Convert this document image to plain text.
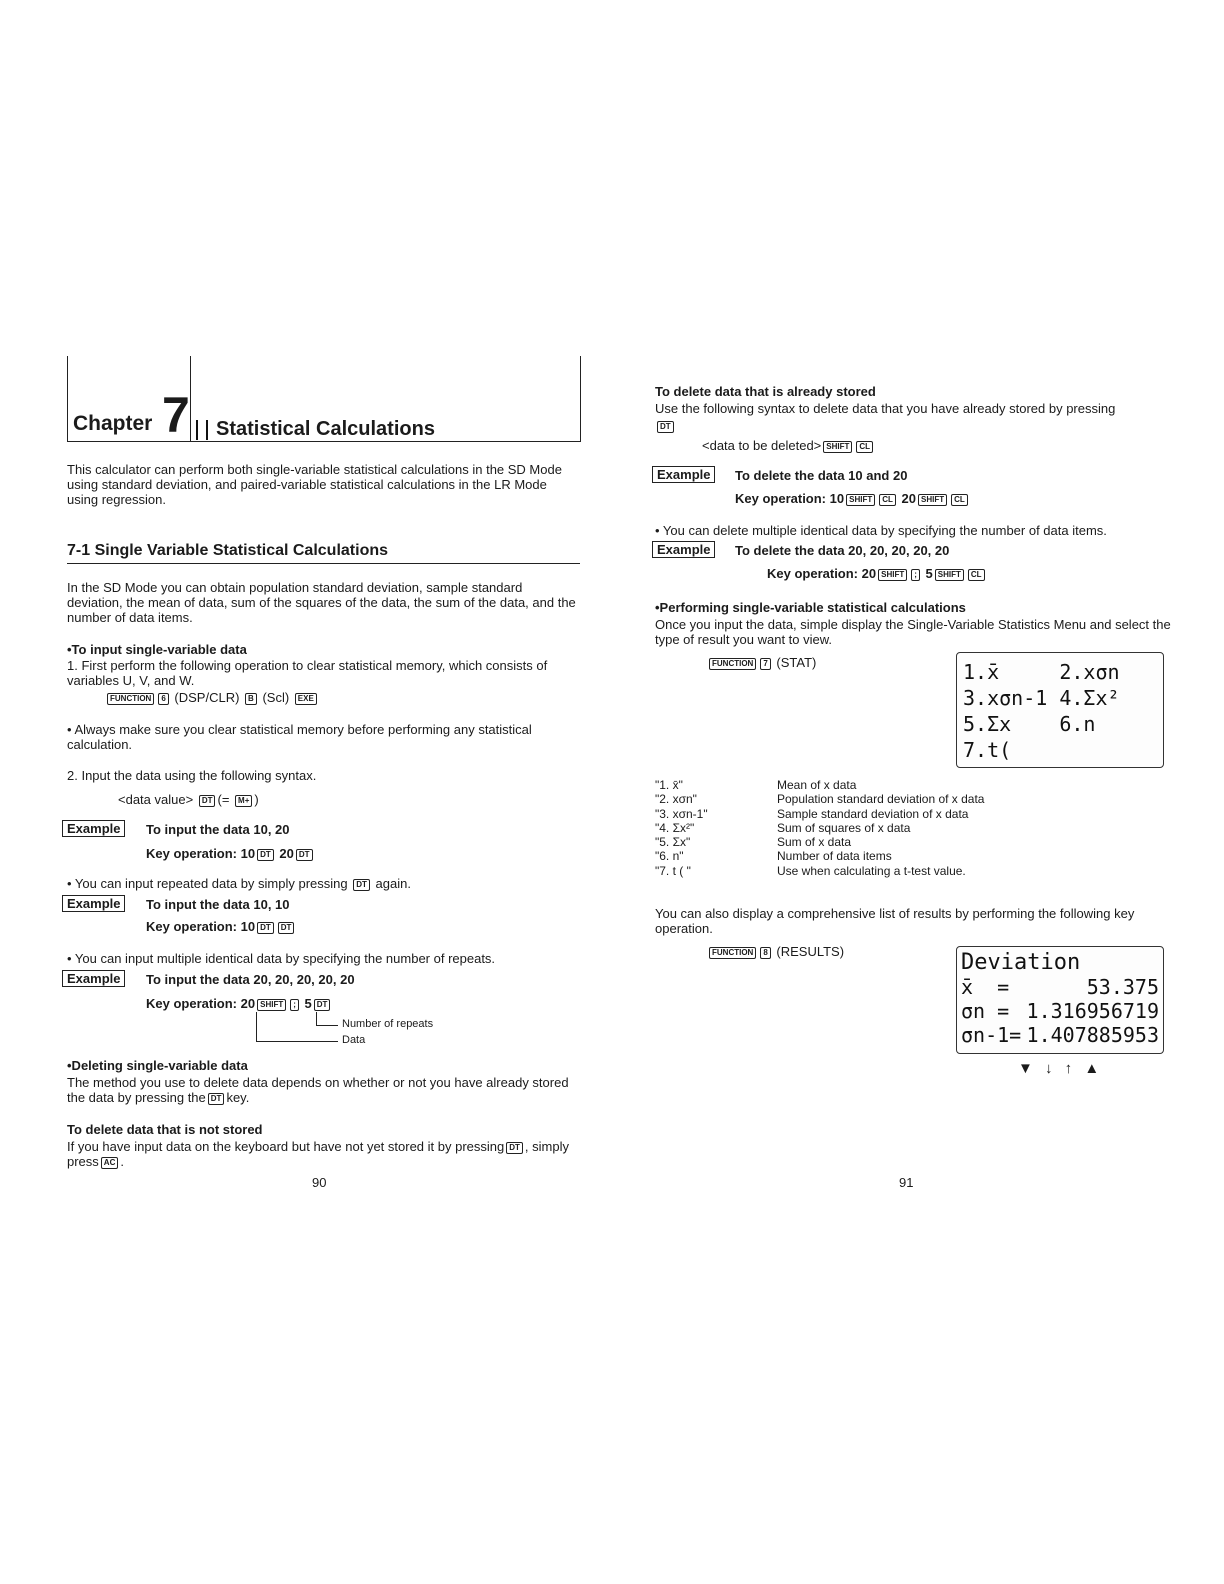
Chapter 7 Statistical Calculations
This calculator can perform both single-variable statistical calculations in the SD Mode using standard deviation, and paired-variable statistical calculations in the LR Mode using regression.
7-1 Single Variable Statistical Calculations
In the SD Mode you can obtain population standard deviation, sample standard deviation, the mean of data, sum of the squares of the data, the sum of the data, and the number of data items.
•To input single-variable data
1. First perform the following operation to clear statistical memory, which consists of variables U, V, and W.
FUNCTION 6 (DSP/CLR) B (Scl) EXE
• Always make sure you clear statistical memory before performing any statistical calculation.
2. Input the data using the following syntax.
<data value> DT (= M+ )
Example	To input the data 10, 20
Key operation: 10 DT 20 DT
• You can input repeated data by simply pressing DT again.
Example	To input the data 10, 10
Key operation: 10 DT DT
• You can input multiple identical data by specifying the number of repeats.
Example	To input the data 20, 20, 20, 20, 20
Key operation: 20 SHIFT ; 5 DT
Number of repeats
Data
•Deleting single-variable data
The method you use to delete data depends on whether or not you have already stored the data by pressing the DT key.
To delete data that is not stored
If you have input data on the keyboard but have not yet stored it by pressing DT , simply press AC .
90
To delete data that is already stored
Use the following syntax to delete data that you have already stored by pressing
DT
<data to be deleted> SHIFT CL
Example	To delete the data 10 and 20
Key operation: 10 SHIFT CL 20 SHIFT CL
• You can delete multiple identical data by specifying the number of data items.
Example	To delete the data 20, 20, 20, 20, 20
Key operation: 20 SHIFT ; 5 SHIFT CL
•Performing single-variable statistical calculations
Once you input the data, simple display the Single-Variable Statistics Menu and select the type of result you want to view.
FUNCTION 7 (STAT)	1.x̄     2.xσn
3.xσn-1 4.Σx²
5.Σx    6.n
7.t(
"1. x̄"	Mean of x data
"2. xσn"	Population standard deviation of x data
"3. xσn-1"	Sample standard deviation of x data
"4. Σx²"	Sum of squares of x data
"5. Σx"	Sum of x data
"6. n"	Number of data items
"7. t ( "	Use when calculating a t-test value.
You can also display a comprehensive list of results by performing the following key operation.
FUNCTION 8 (RESULTS)	Deviation
x̄  =	53.375
σn = 1.316956719
σn-1= 1.407885953
▼ ↓ ↑ ▲
91
